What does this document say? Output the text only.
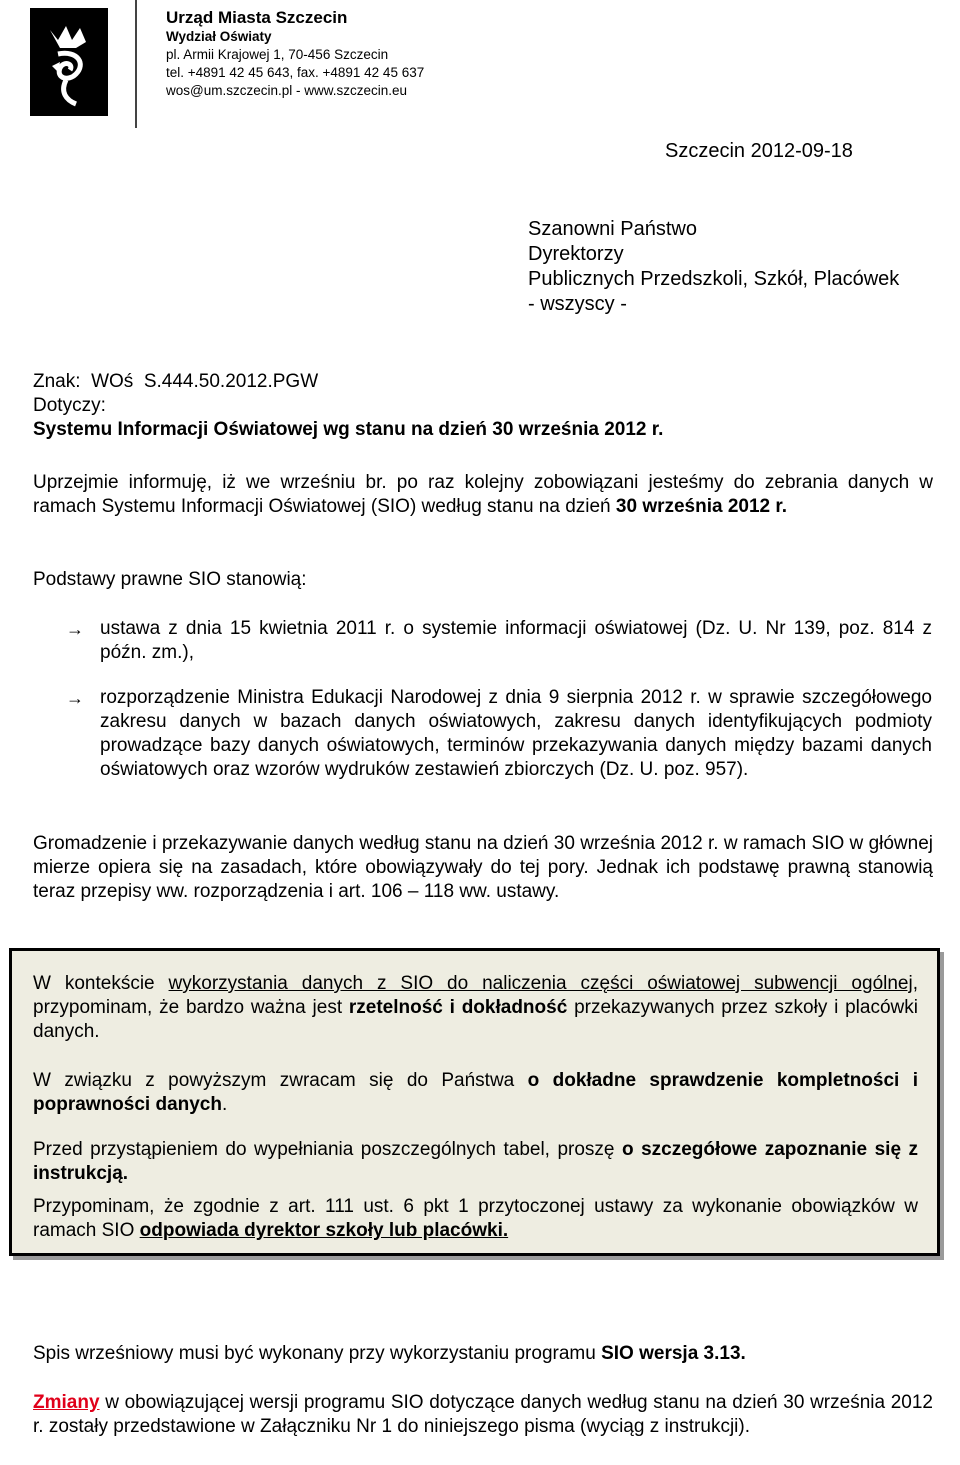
Urząd Miasta Szczecin
Wydział Oświaty
pl. Armii Krajowej 1, 70-456 Szczecin
tel. +4891 42 45 643, fax. +4891 42 45 637
wos@um.szczecin.pl - www.szczecin.eu
Szczecin 2012-09-18
Szanowni Państwo
Dyrektorzy
Publicznych Przedszkoli, Szkół, Placówek
- wszyscy -
Znak:  WOś  S.444.50.2012.PGW
Dotyczy:
Systemu Informacji Oświatowej wg stanu na dzień 30 września 2012 r.
Uprzejmie informuję, iż we wrześniu br. po raz kolejny zobowiązani jesteśmy do zebrania danych w ramach Systemu Informacji Oświatowej (SIO) według stanu na dzień 30 września 2012 r.
Podstawy prawne SIO stanowią:
→ ustawa z dnia 15 kwietnia 2011 r. o systemie informacji oświatowej (Dz. U. Nr 139, poz. 814 z późn. zm.),
→ rozporządzenie Ministra Edukacji Narodowej z dnia 9 sierpnia 2012 r. w sprawie szczegółowego zakresu danych w bazach danych oświatowych, zakresu danych identyfikujących podmioty prowadzące bazy danych oświatowych, terminów przekazywania danych między bazami danych oświatowych oraz wzorów wydruków zestawień zbiorczych (Dz. U. poz. 957).
Gromadzenie i przekazywanie danych według stanu na dzień 30 września 2012 r. w ramach SIO w głównej mierze opiera się na zasadach, które obowiązywały do tej pory. Jednak ich podstawę prawną stanowią teraz przepisy ww. rozporządzenia i art. 106 – 118 ww. ustawy.
W kontekście wykorzystania danych z SIO do naliczenia części oświatowej subwencji ogólnej, przypominam, że bardzo ważna jest rzetelność i dokładność przekazywanych przez szkoły i placówki danych.
W związku z powyższym zwracam się do Państwa o dokładne sprawdzenie kompletności i poprawności danych.
Przed przystąpieniem do wypełniania poszczególnych tabel, proszę o szczegółowe zapoznanie się z instrukcją.
Przypominam, że zgodnie z art. 111 ust. 6 pkt 1 przytoczonej ustawy za wykonanie obowiązków w ramach SIO odpowiada dyrektor szkoły lub placówki.
Spis wrześniowy musi być wykonany przy wykorzystaniu programu SIO wersja 3.13.
Zmiany w obowiązującej wersji programu SIO dotyczące danych według stanu na dzień 30 września 2012 r. zostały przedstawione w Załączniku Nr 1 do niniejszego pisma (wyciąg z instrukcji).
